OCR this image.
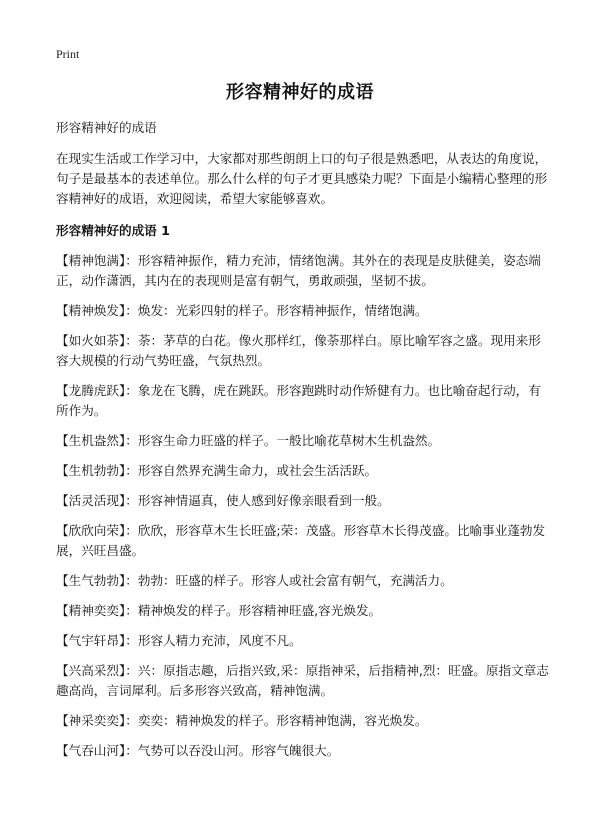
Print
形容精神好的成语

形容精神好的成语

在现实生活或工作学习中，大家都对那些朗朗上口的句子很是熟悉吧，从表达的角度说，句子是最基本的表述单位。那么什么样的句子才更具感染力呢？下面是小编精心整理的形容精神好的成语，欢迎阅读，希望大家能够喜欢。

形容精神好的成语 1

【 精神饱满 】： 形容精神振作，精力充沛，情绪饱满。其外在的表现是皮肤健美，姿态端正，动作潇洒，其内在的表现则是富有朝气，勇敢顽强，坚韧不拔。
【 精神焕发 】： 焕发：光彩四射的样子。形容精神振作，情绪饱满。
【 如火如荼 】： 荼：茅草的白花。像火那样红，像荼那样白。原比喻军容之盛。现用来形容大规模的行动气势旺盛，气氛热烈。
【 龙腾虎跃 】： 象龙在飞腾，虎在跳跃。形容跑跳时动作矫健有力。也比喻奋起行动，有所作为。
【 生机盎然 】： 形容生命力旺盛的样子。一般比喻花草树木生机盎然。
【 生机勃勃 】： 形容自然界充满生命力，或社会生活活跃。
【 活灵活现 】： 形容神情逼真，使人感到好像亲眼看到一般。
【 欣欣向荣 】： 欣欣，形容草木生长旺盛;荣：茂盛。形容草木长得茂盛。比喻事业蓬勃发展，兴旺昌盛。
【 生气勃勃 】： 勃勃：旺盛的样子。形容人或社会富有朝气，充满活力。
【 精神奕奕 】： 精神焕发的样子。形容精神旺盛,容光焕发。
【 气宇轩昂 】： 形容人精力充沛，风度不凡。
【 兴高采烈 】： 兴：原指志趣，后指兴致,采：原指神采，后指精神,烈：旺盛。原指文章志趣高尚，言词犀利。后多形容兴致高，精神饱满。
【 神采奕奕 】： 奕奕：精神焕发的样子。形容精神饱满，容光焕发。
【 气吞山河 】： 气势可以吞没山河。形容气魄很大。
